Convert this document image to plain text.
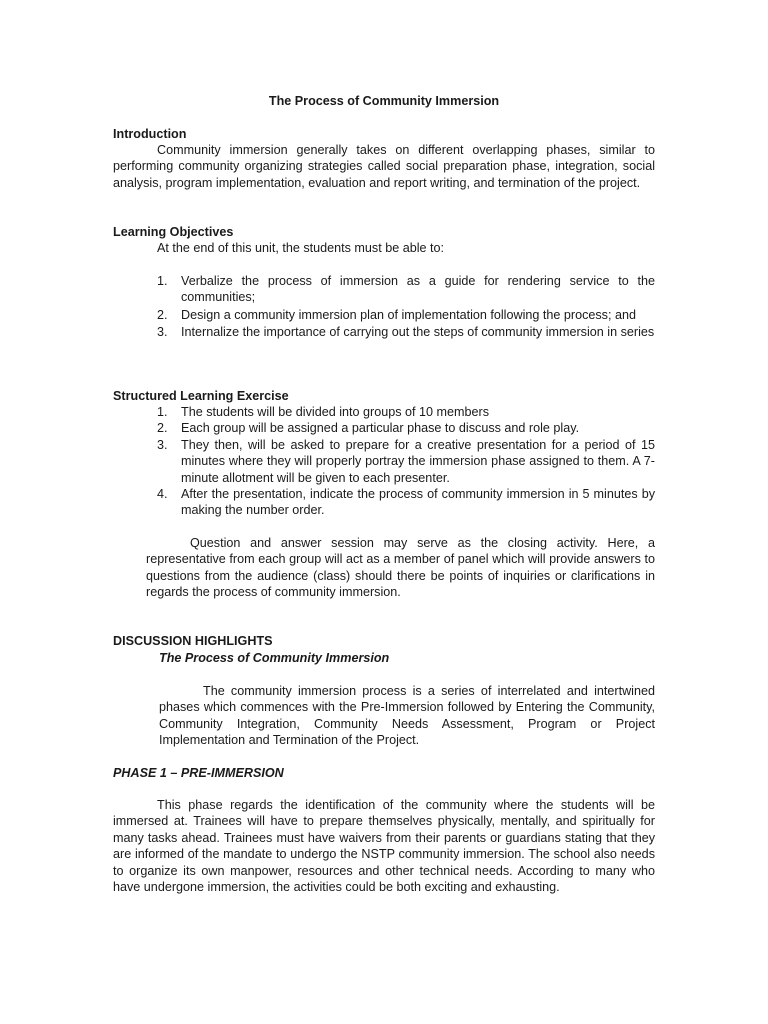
The Process of Community Immersion
Introduction
Community immersion generally takes on different overlapping phases, similar to performing community organizing strategies called social preparation phase, integration, social analysis, program implementation, evaluation and report writing, and termination of the project.
Learning Objectives
At the end of this unit, the students must be able to:
1. Verbalize the process of immersion as a guide for rendering service to the communities;
2. Design a community immersion plan of implementation following the process; and
3. Internalize the importance of carrying out the steps of community immersion in series
Structured Learning Exercise
1. The students will be divided into groups of 10 members
2. Each group will be assigned a particular phase to discuss and role play.
3. They then, will be asked to prepare for a creative presentation for a period of 15 minutes where they will properly portray the immersion phase assigned to them. A 7-minute allotment will be given to each presenter.
4. After the presentation, indicate the process of community immersion in 5 minutes by making the number order.
Question and answer session may serve as the closing activity. Here, a representative from each group will act as a member of panel which will provide answers to questions from the audience (class) should there be points of inquiries or clarifications in regards the process of community immersion.
DISCUSSION HIGHLIGHTS
The Process of Community Immersion
The community immersion process is a series of interrelated and intertwined phases which commences with the Pre-Immersion followed by Entering the Community, Community Integration, Community Needs Assessment, Program or Project Implementation and Termination of the Project.
PHASE 1 – PRE-IMMERSION
This phase regards the identification of the community where the students will be immersed at. Trainees will have to prepare themselves physically, mentally, and spiritually for many tasks ahead. Trainees must have waivers from their parents or guardians stating that they are informed of the mandate to undergo the NSTP community immersion. The school also needs to organize its own manpower, resources and other technical needs. According to many who have undergone immersion, the activities could be both exciting and exhausting.
